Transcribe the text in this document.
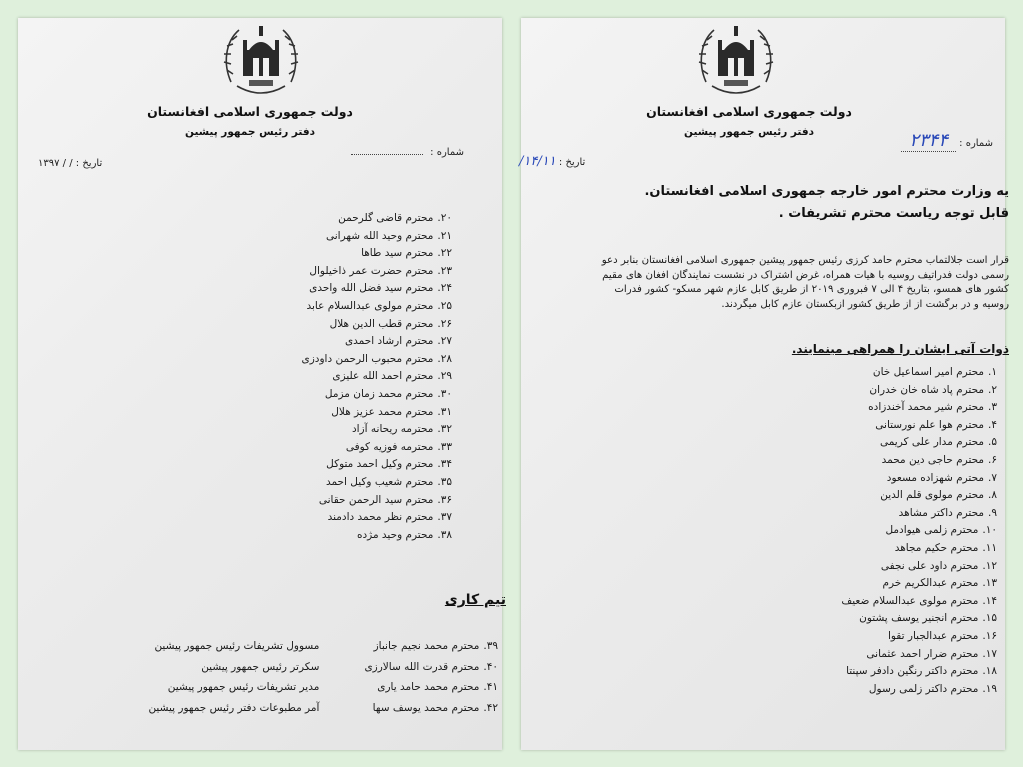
دولت جمهوری اسلامی افغانستان
دفتر رئیس جمهور پیشین
شماره :
تاریخ : / / ۱۳۹۷
۲۰.محترم قاضی گلرحمن
۲۱.محترم وحید الله شهرانی
۲۲.محترم سید طاها
۲۳.محترم حضرت عمر ذاخیلوال
۲۴.محترم سید فضل الله واحدی
۲۵.محترم مولوی عبدالسلام عابد
۲۶.محترم قطب الدین هلال
۲۷.محترم ارشاد احمدی
۲۸.محترم محبوب الرحمن داودزی
۲۹.محترم احمد الله علیزی
۳۰.محترم محمد زمان مزمل
۳۱.محترم محمد عزیز هلال
۳۲.محترمه ریحانه آزاد
۳۳.محترمه فوزیه کوفی
۳۴.محترم وکیل احمد متوکل
۳۵.محترم شعیب وکیل احمد
۳۶.محترم سید الرحمن حقانی
۳۷.محترم نظر محمد دادمند
۳۸.محترم وحید مژده
تیم کاری
۳۹.
محترم محمد نجیم جانباز
مسوول تشریفات رئیس جمهور پیشین
۴۰.
محترم قدرت الله سالارزی
سکرتر رئیس جمهور پیشین
۴۱.
محترم محمد حامد یاری
مدیر تشریفات رئیس جمهور پیشین
۴۲.
محترم محمد یوسف سها
آمر مطبوعات دفتر رئیس جمهور پیشین
دولت جمهوری اسلامی افغانستان
دفتر رئیس جمهور پیشین
شماره : ۲۳۴۴
تاریخ : ۱۴/۱۱/
یه وزارت محترم امور خارجه جمهوری اسلامی افغانستان.
قابل توجه ریاست محترم تشریفات .
قرار است جلالتماب محترم حامد کرزی رئیس جمهور پیشین جمهوری اسلامی افغانستان بنابر دعو
رسمی دولت فدراتیف روسیه با هیات همراه، غرض اشتراک در نشست نمایندگان افغان های مقیم
کشور های همسو، بتاریخ ۴ الی ۷ فبروری ۲۰۱۹ از طریق کابل عازم شهر مسکو- کشور فدرات
روسیه و در برگشت از از طریق کشور ازبکستان عازم کابل میگردند.
ذوات آتی ایشان را همراهی مینمایند.
۱.محترم امیر اسماعیل خان
۲.محترم پاد شاه خان خدران
۳.محترم شیر محمد آخندزاده
۴.محترم هوا علم نورستانی
۵.محترم مدار علی کریمی
۶.محترم حاجی دین محمد
۷.محترم شهزاده مسعود
۸.محترم مولوی قلم الدین
۹.محترم داکتر مشاهد
۱۰.محترم زلمی هیوادمل
۱۱.محترم حکیم مجاهد
۱۲.محترم داود علی نجفی
۱۳.محترم عبدالکریم خرم
۱۴.محترم مولوی عبدالسلام ضعیف
۱۵.محترم انجنیر یوسف پشتون
۱۶.محترم عبدالجبار تقوا
۱۷.محترم ضرار احمد عثمانی
۱۸.محترم داکتر رنگین دادفر سپنتا
۱۹.محترم داکتر زلمی رسول
